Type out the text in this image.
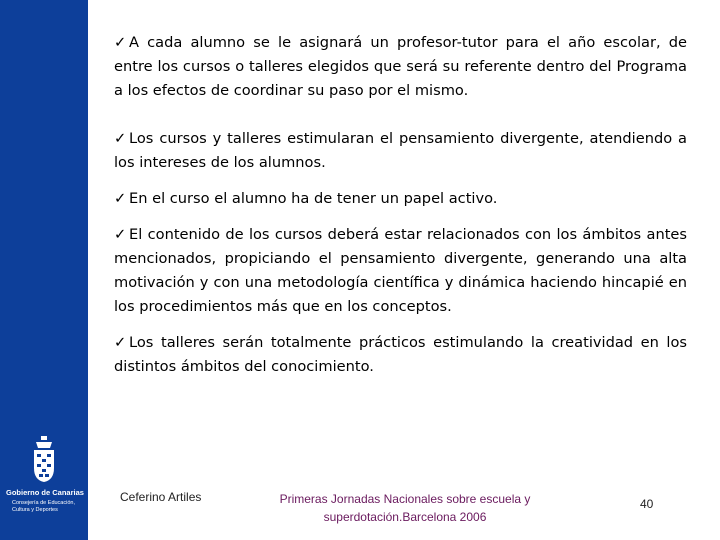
Gobierno de Canarias
Consejería de Educación,
Cultura y Deportes

✓ A cada alumno se le asignará un profesor-tutor para el año escolar, de entre los cursos o talleres elegidos que será su referente dentro del Programa a los efectos de coordinar su paso por el mismo.

✓ Los cursos y talleres estimularan el pensamiento divergente, atendiendo a los intereses de los alumnos.

✓ En el curso el alumno ha de tener un papel activo.

✓ El contenido de los cursos deberá estar relacionados con los ámbitos antes mencionados, propiciando el pensamiento divergente, generando una alta motivación y con una metodología científica y dinámica haciendo hincapié en los procedimientos más que en los conceptos.

✓ Los talleres serán totalmente prácticos estimulando la creatividad en los distintos ámbitos del conocimiento.

Ceferino Artiles	Primeras Jornadas Nacionales sobre escuela y
superdotación.Barcelona 2006
40
